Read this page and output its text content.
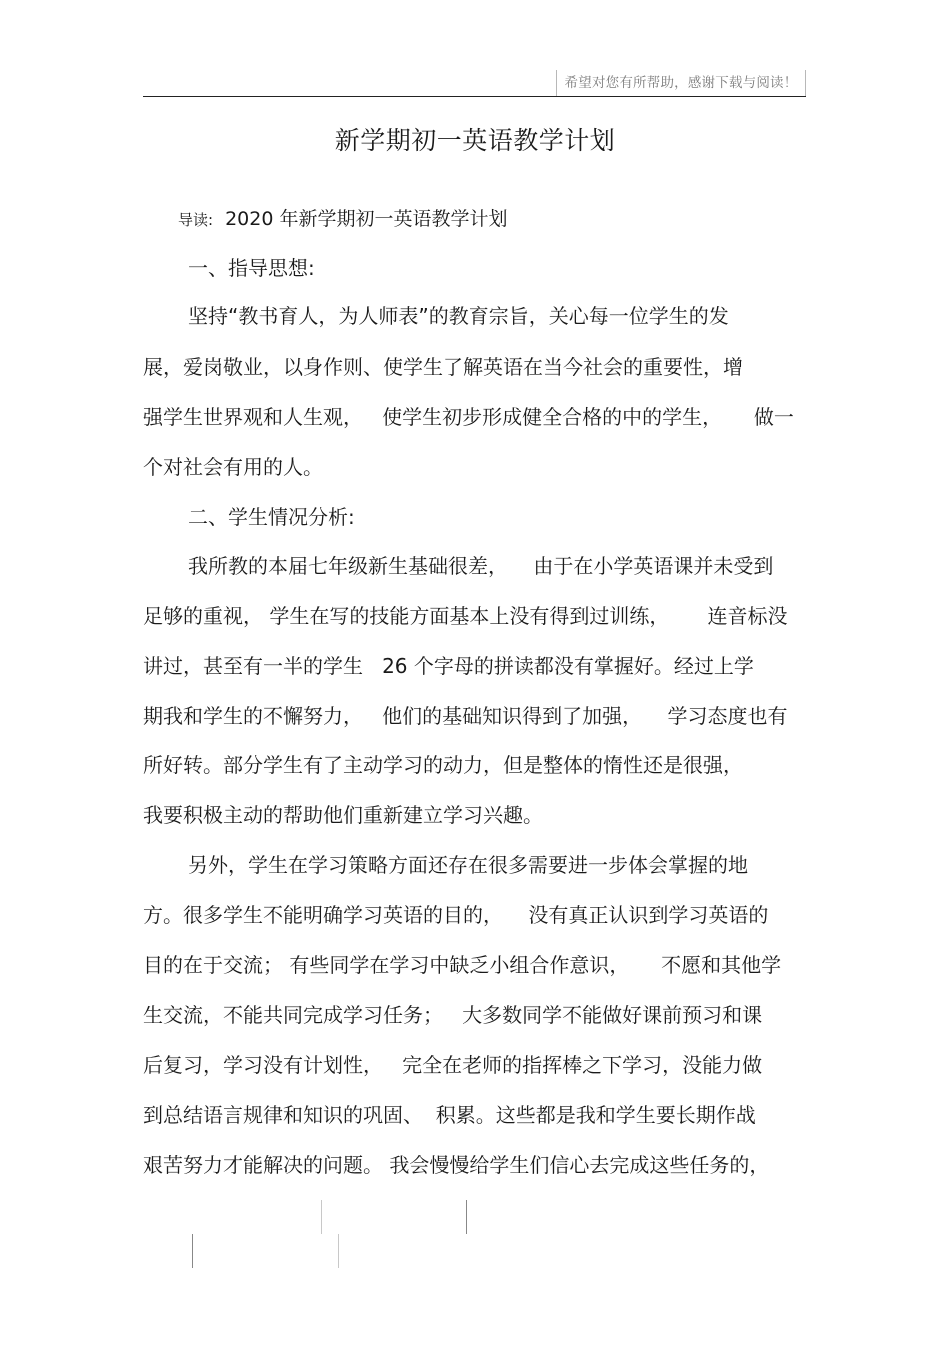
希望对您有所帮助，感谢下载与阅读！
新学期初一英语教学计划
导读: 2020 年新学期初一英语教学计划
一、指导思想:
坚持“教书育人，为人师表”的教育宗旨，关心每一位学生的发
展，爱岗敬业，以身作则、使学生了解英语在当今社会的重要性，增
强学生世界观和人生观，   使学生初步形成健全合格的中的学生，     做一
个对社会有用的人。
二、学生情况分析:
我所教的本届七年级新生基础很差，    由于在小学英语课并未受到
足够的重视， 学生在写的技能方面基本上没有得到过训练，      连音标没
讲过，甚至有一半的学生   26 个字母的拼读都没有掌握好。经过上学
期我和学生的不懈努力，   他们的基础知识得到了加强，    学习态度也有
所好转。部分学生有了主动学习的动力，但是整体的惰性还是很强，
我要积极主动的帮助他们重新建立学习兴趣。
另外，学生在学习策略方面还存在很多需要进一步体会掌握的地
方。很多学生不能明确学习英语的目的，    没有真正认识到学习英语的
目的在于交流； 有些同学在学习中缺乏小组合作意识，     不愿和其他学
生交流，不能共同完成学习任务；   大多数同学不能做好课前预习和课
后复习，学习没有计划性，   完全在老师的指挥棒之下学习，没能力做
到总结语言规律和知识的巩固、  积累。这些都是我和学生要长期作战
艰苦努力才能解决的问题。 我会慢慢给学生们信心去完成这些任务的，
